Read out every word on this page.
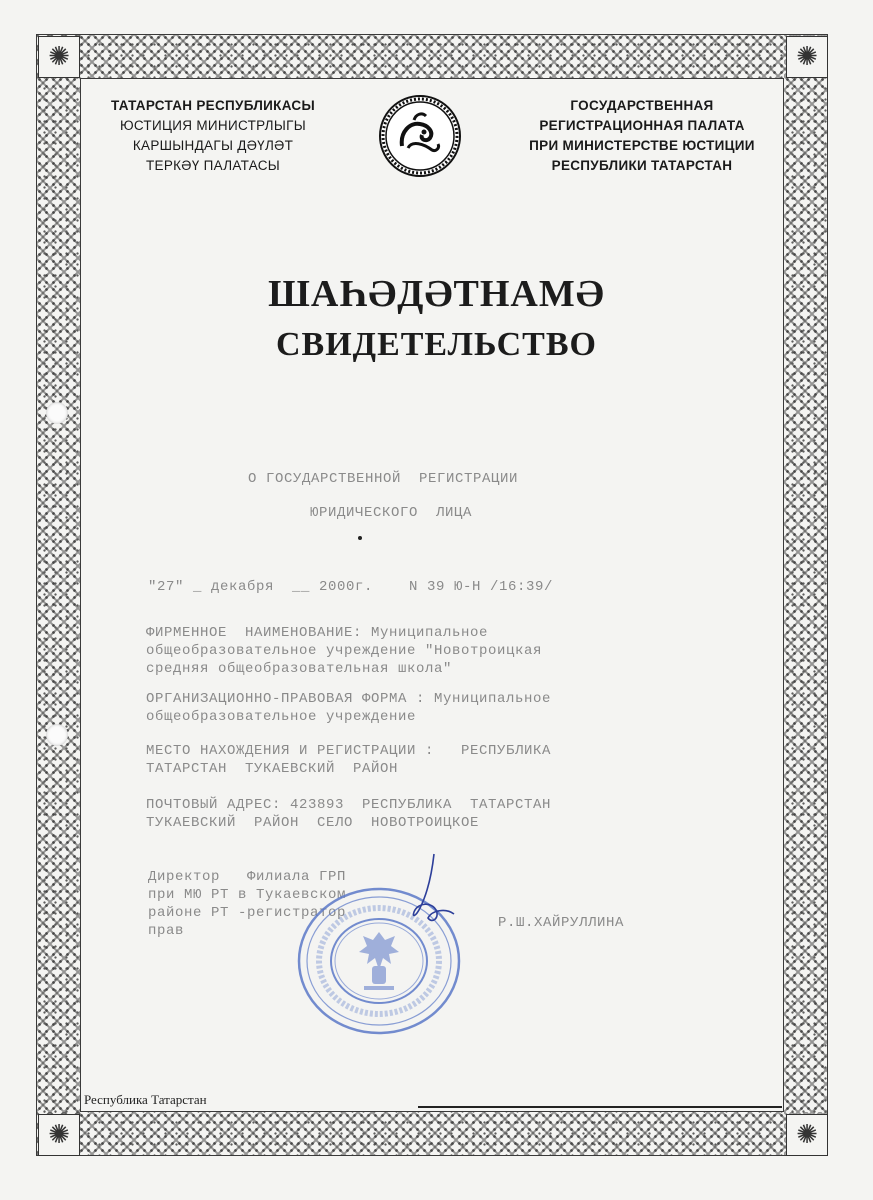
✺
✺
✺
✺
ТАТАРСТАН РЕСПУБЛИКАСЫ
ЮСТИЦИЯ МИНИСТРЛЫГЫ
КАРШЫНДАГЫ ДӘҮЛӘТ
ТЕРКӘҮ ПАЛАТАСЫ
ГОСУДАРСТВЕННАЯ
РЕГИСТРАЦИОННАЯ ПАЛАТА
ПРИ МИНИСТЕРСТВЕ ЮСТИЦИИ
РЕСПУБЛИКИ ТАТАРСТАН
ШАҺӘДӘТНАМӘ
СВИДЕТЕЛЬСТВО
О ГОСУДАРСТВЕННОЙ  РЕГИСТРАЦИИ
ЮРИДИЧЕСКОГО  ЛИЦА
"27" _ декабря  __ 2000г.    N 39 Ю-Н /16:39/
ФИРМЕННОЕ  НАИМЕНОВАНИЕ: Муниципальное
общеобразовательное учреждение "Новотроицкая
средняя общеобразовательная школа"
ОРГАНИЗАЦИОННО-ПРАВОВАЯ ФОРМА : Муниципальное
общеобразовательное учреждение
МЕСТО НАХОЖДЕНИЯ И РЕГИСТРАЦИИ :   РЕСПУБЛИКА
ТАТАРСТАН  ТУКАЕВСКИЙ  РАЙОН
ПОЧТОВЫЙ АДРЕС: 423893  РЕСПУБЛИКА  ТАТАРСТАН
ТУКАЕВСКИЙ  РАЙОН  СЕЛО  НОВОТРОИЦКОЕ
Директор   Филиала ГРП
при МЮ РТ в Тукаевском
районе РТ -регистратор
прав	Р.Ш.ХАЙРУЛЛИНА
Республика Татарстан
